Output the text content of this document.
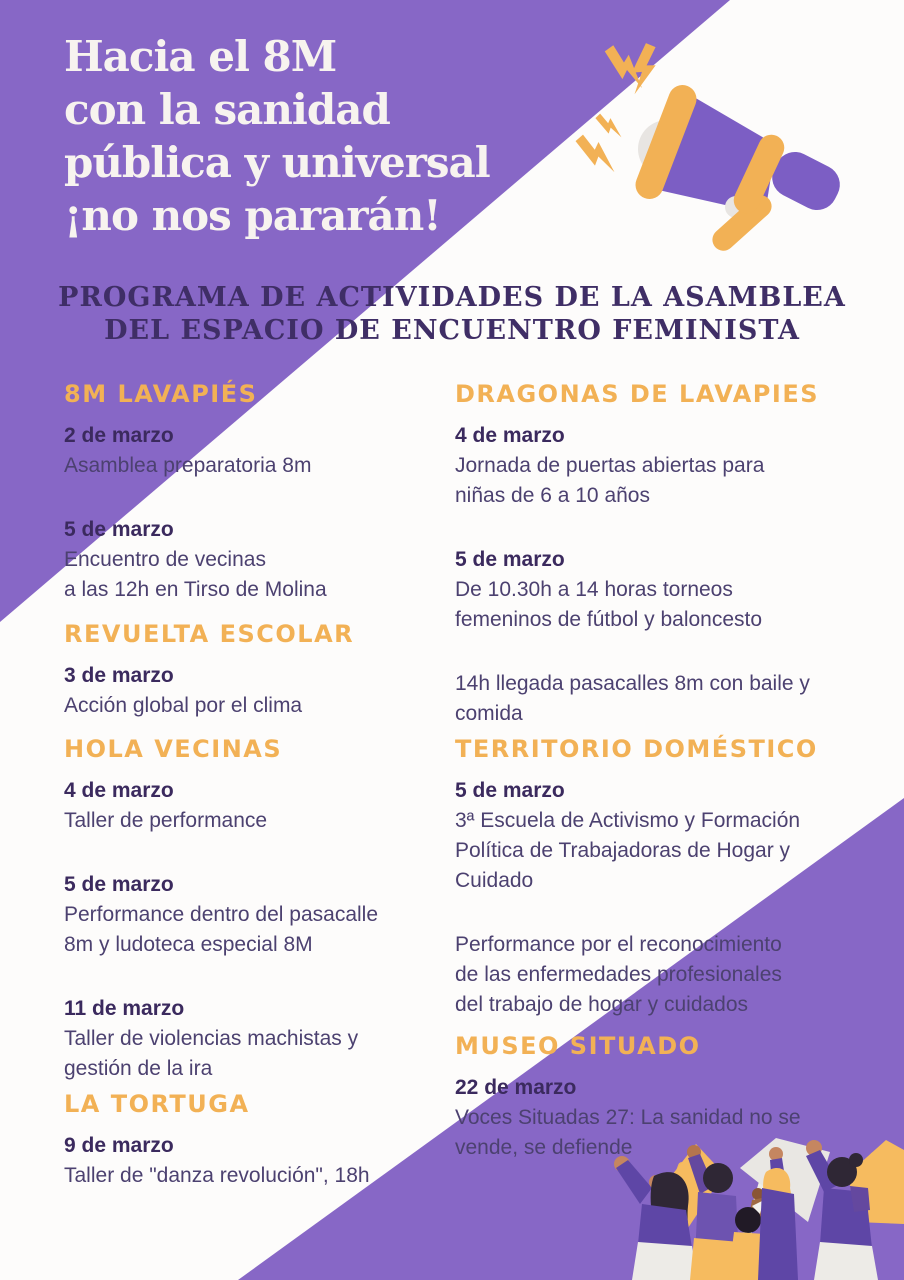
Hacia el 8M
con la sanidad
pública y universal
¡no nos pararán!
PROGRAMA DE ACTIVIDADES DE LA ASAMBLEA
DEL ESPACIO DE ENCUENTRO FEMINISTA
8M LAVAPIÉS
2 de marzo
Asamblea preparatoria 8m
5 de marzo
Encuentro de vecinas
a las 12h en Tirso de Molina
REVUELTA ESCOLAR
3 de marzo
Acción global por el clima
HOLA VECINAS
4 de marzo
Taller de performance
5 de marzo
Performance dentro del pasacalle
8m y ludoteca especial 8M
11 de marzo
Taller de violencias machistas y
gestión de la ira
LA TORTUGA
9 de marzo
Taller de "danza revolución", 18h
DRAGONAS DE LAVAPIES
4 de marzo
Jornada de puertas abiertas para
niñas de 6 a 10 años
5 de marzo
De 10.30h a 14 horas torneos
femeninos de fútbol y baloncesto
14h llegada pasacalles 8m con baile y
comida
TERRITORIO DOMÉSTICO
5 de marzo
3ª Escuela de Activismo y Formación
Política de Trabajadoras de Hogar y
Cuidado
Performance por el reconocimiento
de las enfermedades profesionales
del trabajo de hogar y cuidados
MUSEO SITUADO
22 de marzo
Voces Situadas 27: La sanidad no se
vende, se defiende
